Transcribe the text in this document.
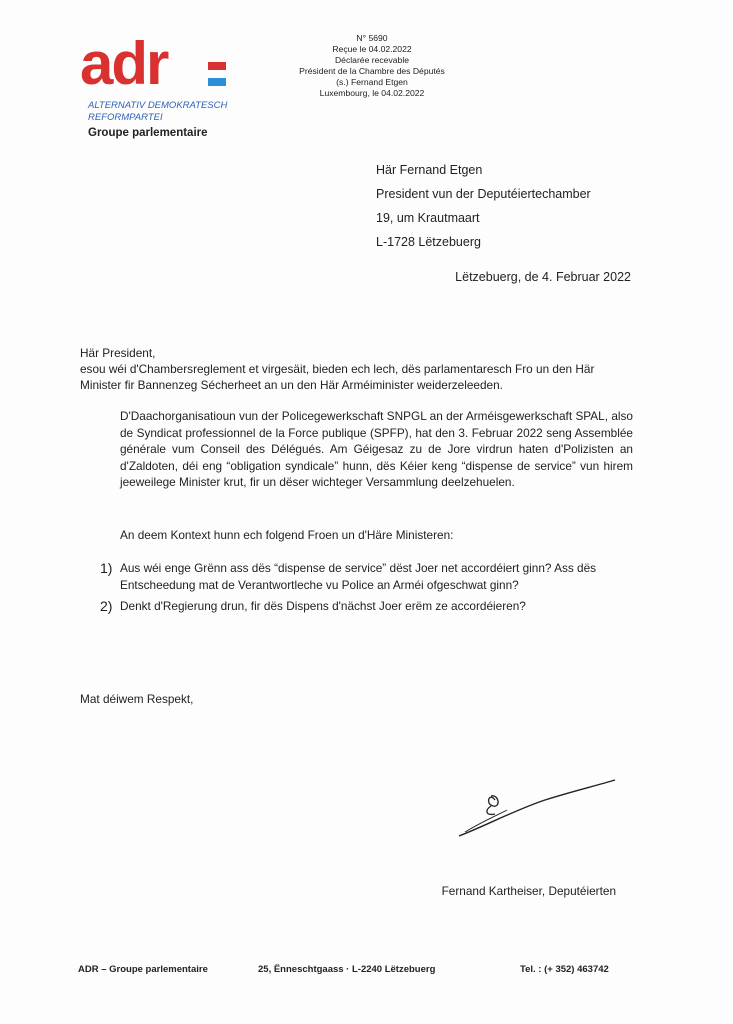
adr
ALTERNATIV DEMOKRATESCH
REFORMPARTEI
Groupe parlementaire
N° 5690
Reçue le 04.02.2022
Déclarée recevable
Président de la Chambre des Députés
(s.) Fernand Etgen
Luxembourg, le 04.02.2022
Här Fernand Etgen
President vun der Deputéiertechamber
19, um Krautmaart
L-1728 Lëtzebuerg
Lëtzebuerg, de 4. Februar 2022
Här President,
esou wéi d'Chambersreglement et virgesäit, bieden ech lech, dës parlamentaresch Fro un den Här Minister fir Bannenzeg Sécherheet an un den Här Arméiminister weiderzeleeden.
D'Daachorganisatioun vun der Policegewerkschaft SNPGL an der Arméisgewerkschaft SPAL, also de Syndicat professionnel de la Force publique (SPFP), hat den 3. Februar 2022 seng Assemblée générale vum Conseil des Délégués. Am Géigesaz zu de Jore virdrun haten d'Polizisten an d'Zaldoten, déi eng “obligation syndicale” hunn, dës Kéier keng “dispense de service” vun hirem jeeweilege Minister krut, fir un dëser wichteger Versammlung deelzehuelen.
An deem Kontext hunn ech folgend Froen un d'Häre Ministeren:
1) Aus wéi enge Grënn ass dës “dispense de service” dëst Joer net accordéiert ginn? Ass dës Entscheedung mat de Verantwortleche vu Police an Arméi ofgeschwat ginn?
2) Denkt d'Regierung drun, fir dës Dispens d'nächst Joer erëm ze accordéieren?
Mat déiwem Respekt,
Fernand Kartheiser, Deputéierten
ADR – Groupe parlementaire	25, Ënneschtgaass · L-2240 Lëtzebuerg	Tel. : (+ 352) 463742
